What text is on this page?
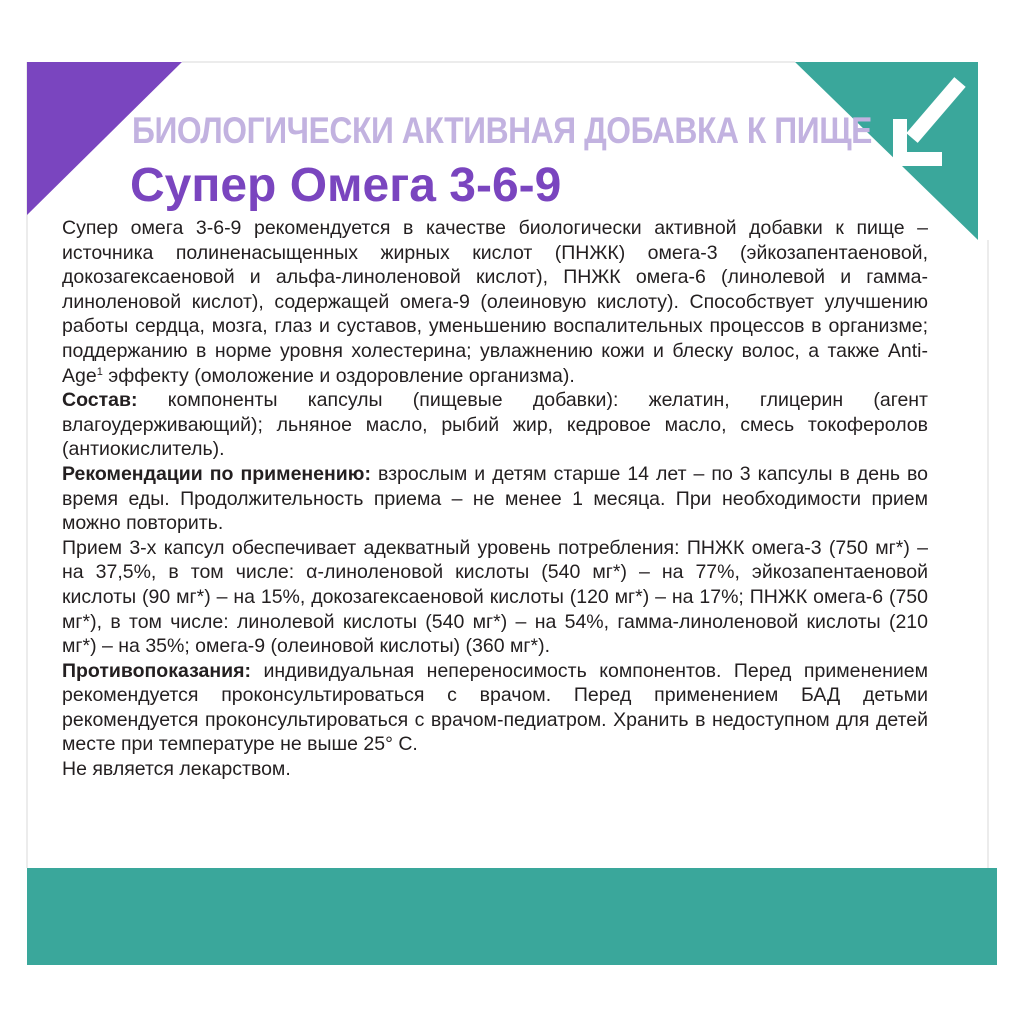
БИОЛОГИЧЕСКИ АКТИВНАЯ ДОБАВКА К ПИЩЕ
Супер Омега 3-6-9

Супер омега 3-6-9 рекомендуется в качестве биологически активной добавки к пище – источника полиненасыщенных жирных кислот (ПНЖК) омега-3 (эйкозапентаеновой, докозагексаеновой и альфа-линоленовой кислот), ПНЖК омега-6 (линолевой и гамма-линоленовой кислот), содержащей омега-9 (олеиновую кислоту). Способствует улучшению работы сердца, мозга, глаз и суставов, уменьшению воспалительных процессов в организме; поддержанию в норме уровня холестерина; увлажнению кожи и блеску волос, а также Anti-Age$^1$ эффекту (омоложение и оздоровление организма).

Состав: компоненты капсулы (пищевые добавки): желатин, глицерин (агент влагоудерживающий); льняное масло, рыбий жир, кедровое масло, смесь токоферолов (антиокислитель).

Рекомендации по применению: взрослым и детям старше 14 лет – по 3 капсулы в день во время еды. Продолжительность приема – не менее 1 месяца. При необходимости прием можно повторить.

Прием 3-х капсул обеспечивает адекватный уровень потребления: ПНЖК омега-3 (750 мг*) – на 37,5%, в том числе: α-линоленовой кислоты (540 мг*) – на 77%, эйкозапентаеновой кислоты (90 мг*) – на 15%, докозагексаеновой кислоты (120 мг*) – на 17%; ПНЖК омега-6 (750 мг*), в том числе: линолевой кислоты (540 мг*) – на 54%, гамма-линоленовой кислоты (210 мг*) – на 35%; омега-9 (олеиновой кислоты) (360 мг*).

Противопоказания: индивидуальная непереносимость компонентов. Перед применением рекомендуется проконсультироваться с врачом. Перед применением БАД детьми рекомендуется проконсультироваться с врачом-педиатром. Хранить в недоступном для детей месте при температуре не выше 25° С.

Не является лекарством.
